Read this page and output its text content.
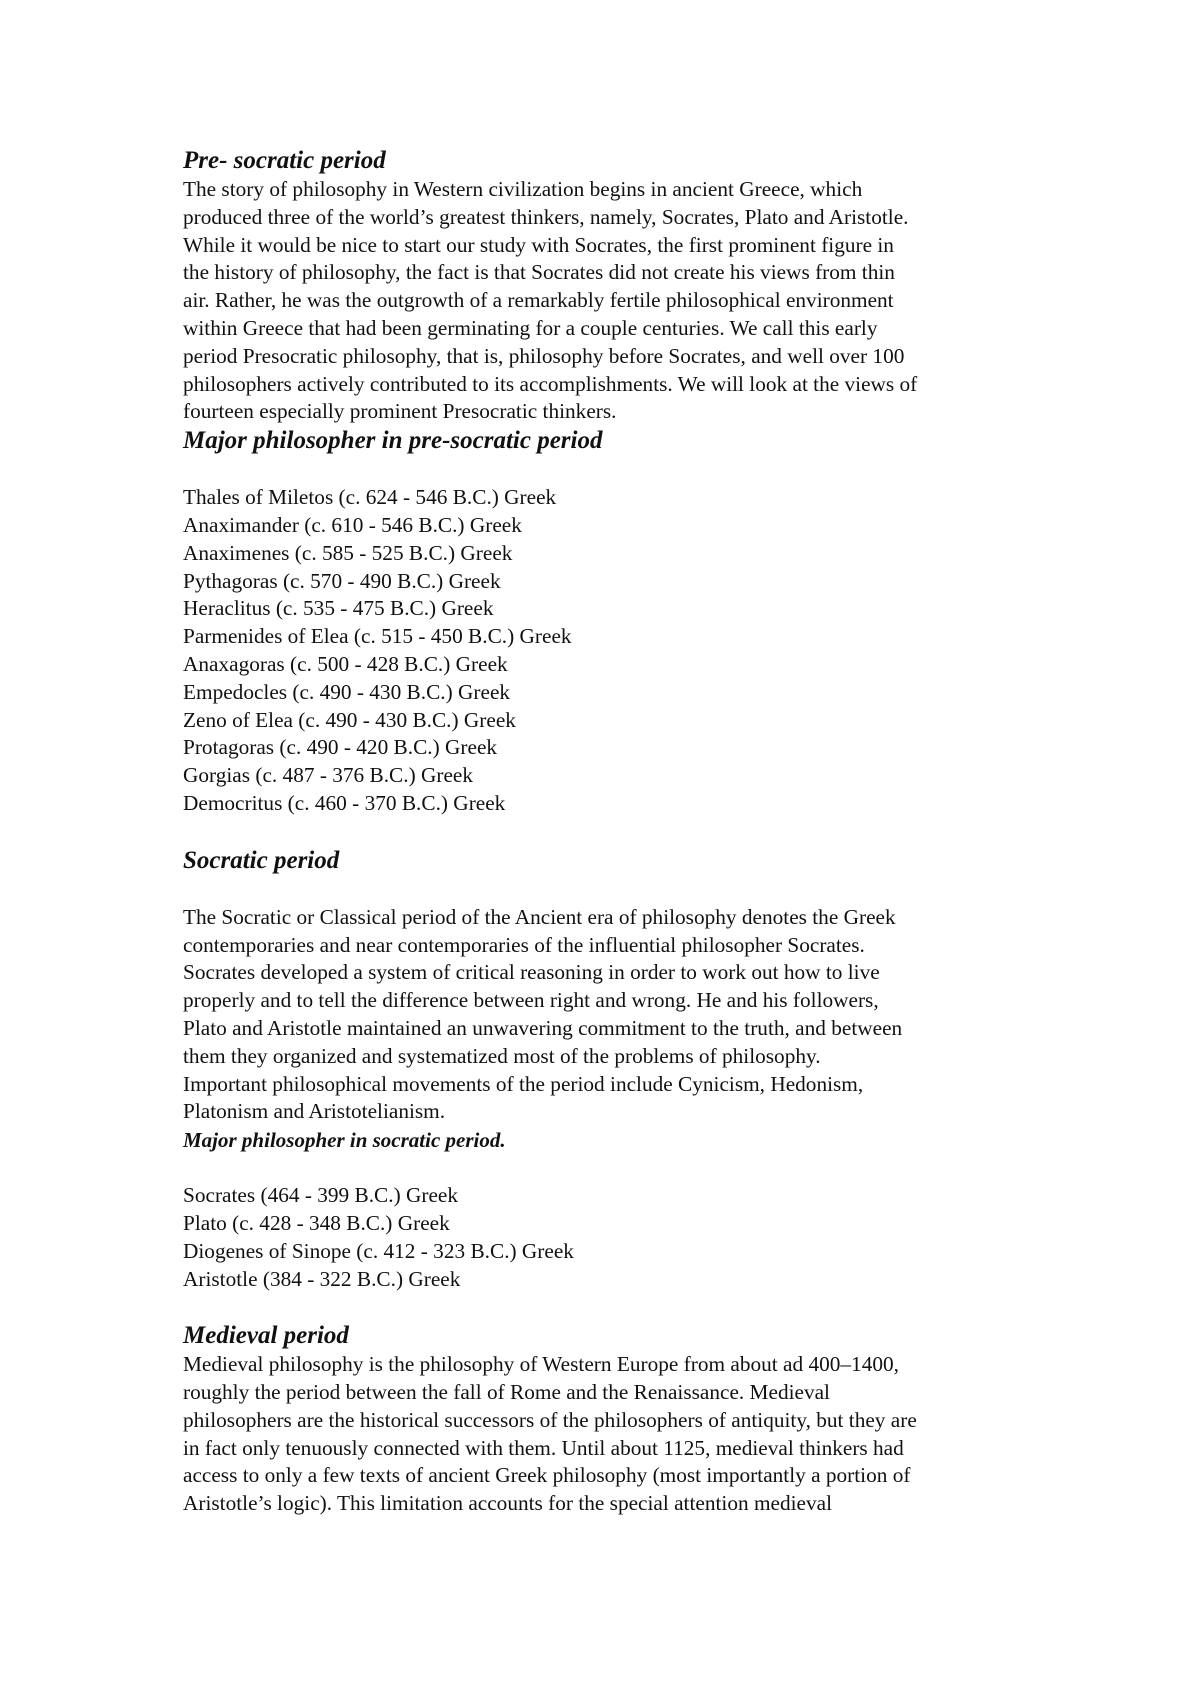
Pre- socratic period

The story of philosophy in Western civilization begins in ancient Greece, which
produced three of the world’s greatest thinkers, namely, Socrates, Plato and Aristotle.
While it would be nice to start our study with Socrates, the first prominent figure in
the history of philosophy, the fact is that Socrates did not create his views from thin
air. Rather, he was the outgrowth of a remarkably fertile philosophical environment
within Greece that had been germinating for a couple centuries. We call this early
period Presocratic philosophy, that is, philosophy before Socrates, and well over 100
philosophers actively contributed to its accomplishments. We will look at the views of
fourteen especially prominent Presocratic thinkers.

Major philosopher in pre-socratic period
Thales of Miletos (c. 624 - 546 B.C.) Greek
Anaximander (c. 610 - 546 B.C.) Greek
Anaximenes (c. 585 - 525 B.C.) Greek
Pythagoras (c. 570 - 490 B.C.) Greek
Heraclitus (c. 535 - 475 B.C.) Greek
Parmenides of Elea (c. 515 - 450 B.C.) Greek
Anaxagoras (c. 500 - 428 B.C.) Greek
Empedocles (c. 490 - 430 B.C.) Greek
Zeno of Elea (c. 490 - 430 B.C.) Greek
Protagoras (c. 490 - 420 B.C.) Greek
Gorgias (c. 487 - 376 B.C.) Greek
Democritus (c. 460 - 370 B.C.) Greek
Socratic period

The Socratic or Classical period of the Ancient era of philosophy denotes the Greek
contemporaries and near contemporaries of the influential philosopher Socrates.
Socrates developed a system of critical reasoning in order to work out how to live
properly and to tell the difference between right and wrong. He and his followers,
Plato and Aristotle maintained an unwavering commitment to the truth, and between
them they organized and systematized most of the problems of philosophy.
Important philosophical movements of the period include Cynicism, Hedonism,
Platonism and Aristotelianism.

Major philosopher in socratic period.
Socrates (464 - 399 B.C.) Greek
Plato (c. 428 - 348 B.C.) Greek
Diogenes of Sinope (c. 412 - 323 B.C.) Greek
Aristotle (384 - 322 B.C.) Greek
Medieval period

Medieval philosophy is the philosophy of Western Europe from about ad 400–1400,
roughly the period between the fall of Rome and the Renaissance. Medieval
philosophers are the historical successors of the philosophers of antiquity, but they are
in fact only tenuously connected with them. Until about 1125, medieval thinkers had
access to only a few texts of ancient Greek philosophy (most importantly a portion of
Aristotle’s logic). This limitation accounts for the special attention medieval
